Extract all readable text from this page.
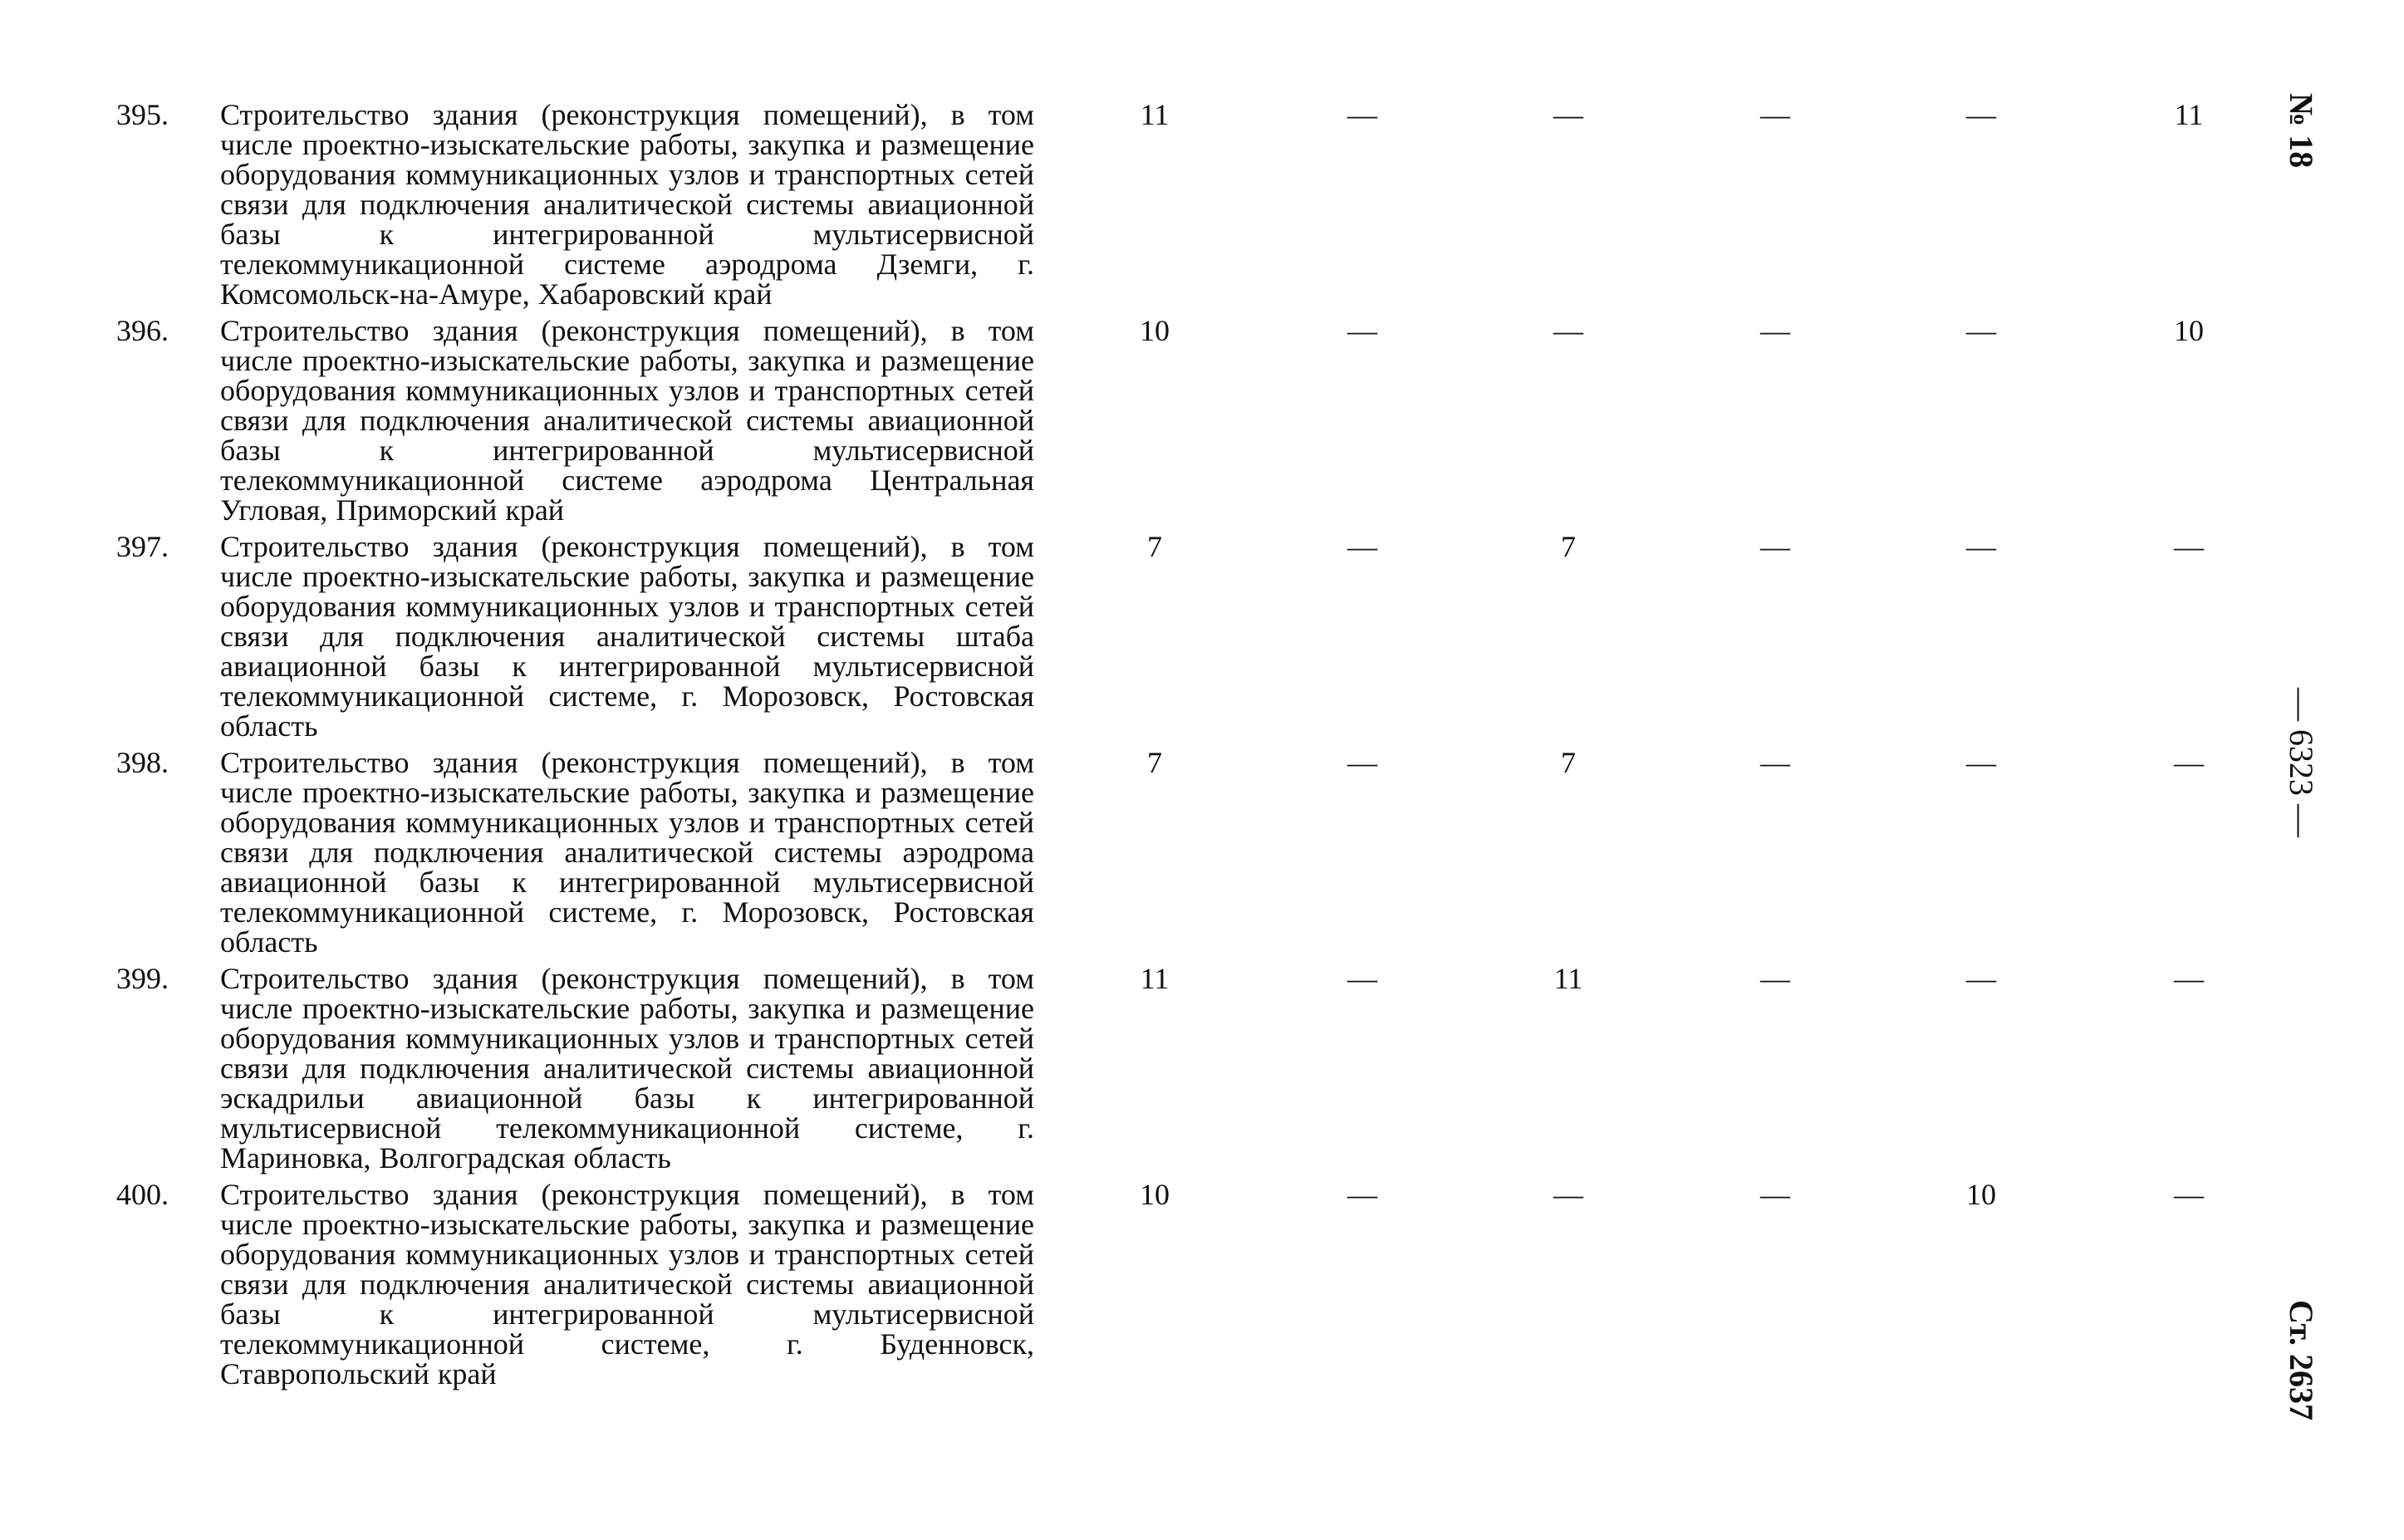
395. Строительство здания (реконструкция помещений), в том числе проектно-изыскательские работы, закупка и размещение оборудования коммуникационных узлов и транспортных сетей связи для подключения аналитической системы авиационной базы к интегрированной мультисервисной телекоммуникационной системе аэродрома Дземги, г. Комсомольск-на-Амуре, Хабаровский край
11	—	—	—	—	11
396. Строительство здания (реконструкция помещений), в том числе проектно-изыскательские работы, закупка и размещение оборудования коммуникационных узлов и транспортных сетей связи для подключения аналитической системы авиационной базы к интегрированной мультисервисной телекоммуникационной системе аэродрома Центральная Угловая, Приморский край
10	—	—	—	—	10
397. Строительство здания (реконструкция помещений), в том числе проектно-изыскательские работы, закупка и размещение оборудования коммуникационных узлов и транспортных сетей связи для подключения аналитической системы штаба авиационной базы к интегрированной мультисервисной телекоммуникационной системе, г. Морозовск, Ростовская область
7	—	7	—	—	—
398. Строительство здания (реконструкция помещений), в том числе проектно-изыскательские работы, закупка и размещение оборудования коммуникационных узлов и транспортных сетей связи для подключения аналитической системы аэродрома авиационной базы к интегрированной мультисервисной телекоммуникационной системе, г. Морозовск, Ростовская область
7	—	7	—	—	—
399. Строительство здания (реконструкция помещений), в том числе проектно-изыскательские работы, закупка и размещение оборудования коммуникационных узлов и транспортных сетей связи для подключения аналитической системы авиационной эскадрильи авиационной базы к интегрированной мультисервисной телекоммуникационной системе, г. Мариновка, Волгоградская область
11	—	11	—	—	—
400. Строительство здания (реконструкция помещений), в том числе проектно-изыскательские работы, закупка и размещение оборудования коммуникационных узлов и транспортных сетей связи для подключения аналитической системы авиационной базы к интегрированной мультисервисной телекоммуникационной системе, г. Буденновск, Ставропольский край
10	—	—	—	10	—
№ 18
— 6323 —
Ст. 2637
